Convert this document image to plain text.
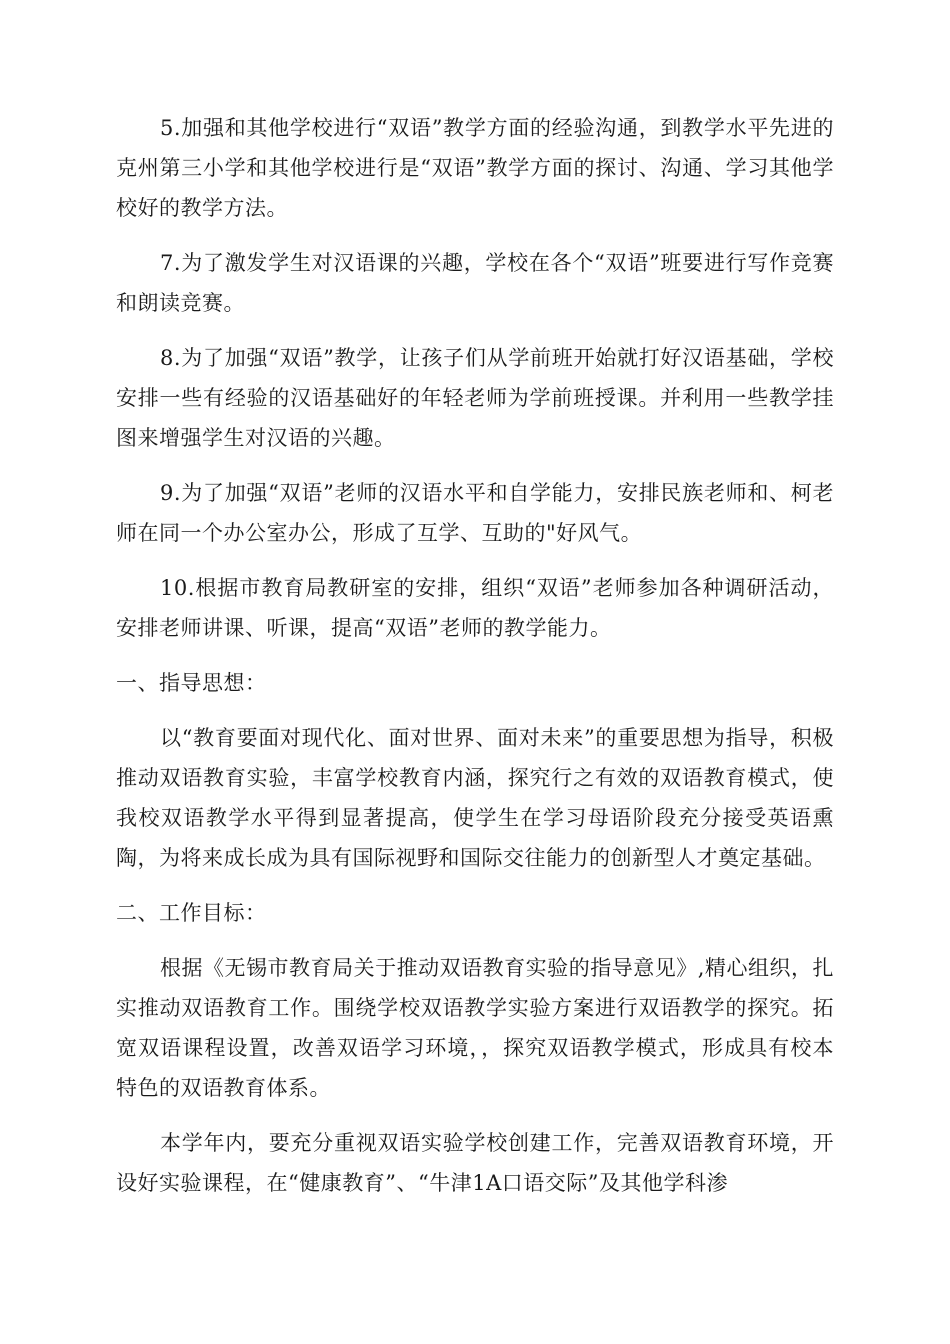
5.加强和其他学校进行“双语”教学方面的经验沟通，到教学水平先进的克州第三小学和其他学校进行是“双语”教学方面的探讨、沟通、学习其他学校好的教学方法。

7.为了激发学生对汉语课的兴趣，学校在各个“双语”班要进行写作竞赛和朗读竞赛。

8.为了加强“双语”教学，让孩子们从学前班开始就打好汉语基础，学校安排一些有经验的汉语基础好的年轻老师为学前班授课。并利用一些教学挂图来增强学生对汉语的兴趣。

9.为了加强“双语”老师的汉语水平和自学能力，安排民族老师和、柯老师在同一个办公室办公，形成了互学、互助的"好风气。

10.根据市教育局教研室的安排，组织“双语”老师参加各种调研活动，安排老师讲课、听课，提高“双语”老师的教学能力。

一、指导思想：

以“教育要面对现代化、面对世界、面对未来”的重要思想为指导，积极推动双语教育实验，丰富学校教育内涵，探究行之有效的双语教育模式，使我校双语教学水平得到显著提高，使学生在学习母语阶段充分接受英语熏陶，为将来成长成为具有国际视野和国际交往能力的创新型人才奠定基础。

二、工作目标：

根据《无锡市教育局关于推动双语教育实验的指导意见》,精心组织，扎实推动双语教育工作。围绕学校双语教学实验方案进行双语教学的探究。拓宽双语课程设置，改善双语学习环境，，探究双语教学模式，形成具有校本特色的双语教育体系。

本学年内，要充分重视双语实验学校创建工作，完善双语教育环境，开设好实验课程，在“健康教育”、“牛津1A口语交际”及其他学科渗
